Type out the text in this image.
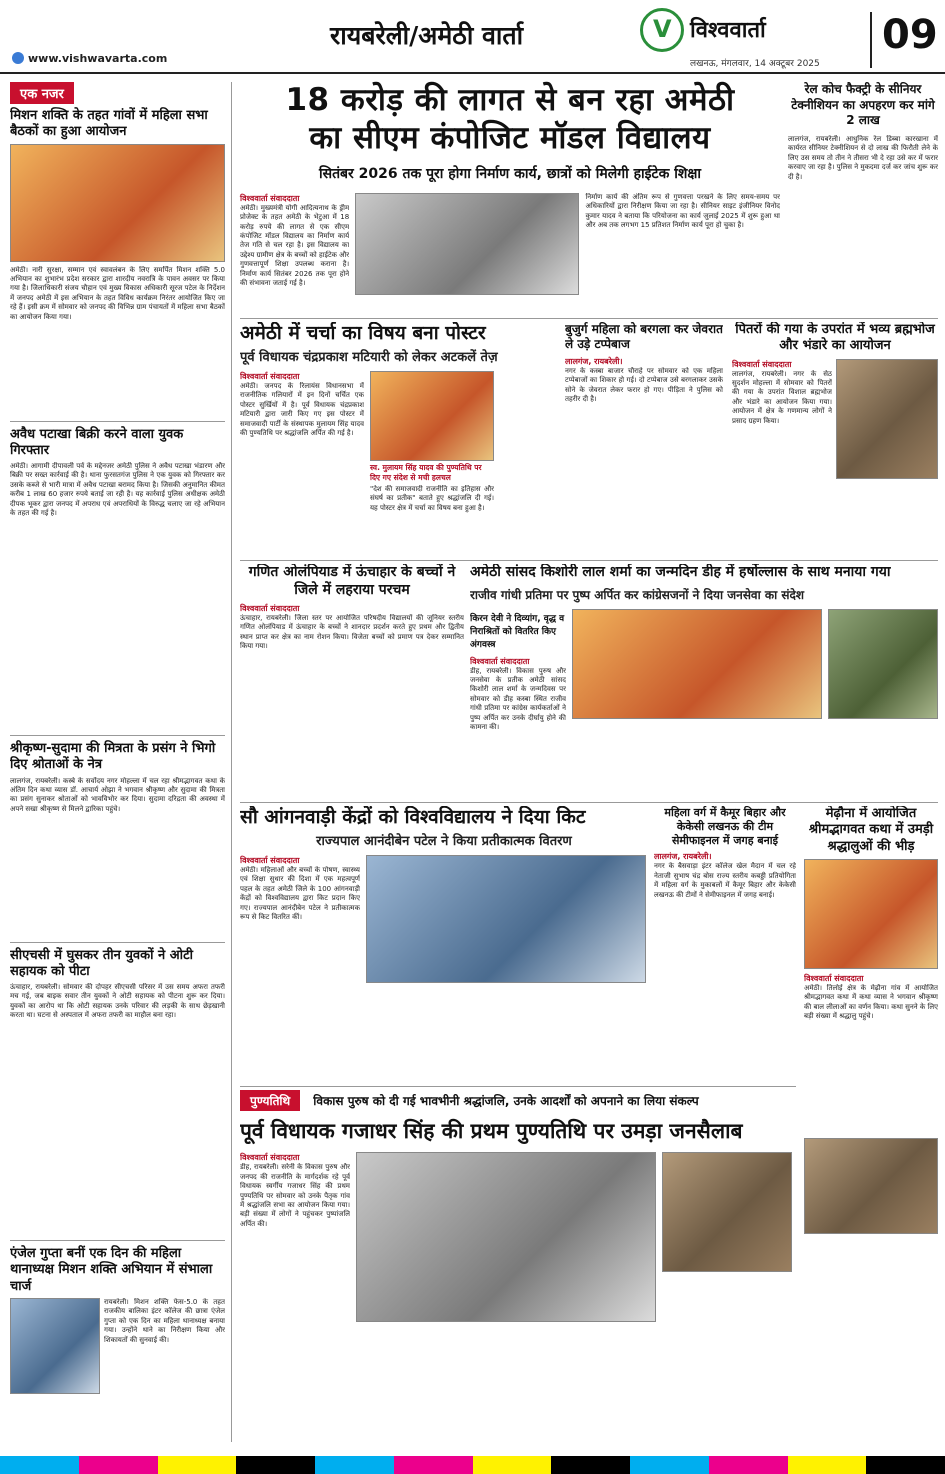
www.vishwavarta.com
रायबरेली/अमेठी वार्ता	V विश्ववार्ता
लखनऊ, मंगलवार, 14 अक्टूबर 2025
09
एक नजर
मिशन शक्ति के तहत गांवों में महिला सभा बैठकों का हुआ आयोजन
अमेठी। नारी सुरक्षा, सम्मान एवं स्वावलंबन के लिए समर्पित मिशन शक्ति 5.0 अभियान का शुभारंभ प्रदेश सरकार द्वारा शारदीय नवरात्रि के पावन अवसर पर किया गया है। जिलाधिकारी संजय चौहान एवं मुख्य विकास अधिकारी सूरज पटेल के निर्देशन में जनपद अमेठी में इस अभियान के तहत विविध कार्यक्रम निरंतर आयोजित किए जा रहे हैं। इसी क्रम में सोमवार को जनपद की विभिन्न ग्राम पंचायतों में महिला सभा बैठकों का आयोजन किया गया।
अवैध पटाखा बिक्री करने वाला युवक गिरफ्तार
अमेठी। आगामी दीपावली पर्व के मद्देनजर अमेठी पुलिस ने अवैध पटाखा भंडारण और बिक्री पर सख्त कार्रवाई की है। थाना फुरसतगंज पुलिस ने एक युवक को गिरफ्तार कर उसके कब्जे से भारी मात्रा में अवैध पटाखा बरामद किया है। जिसकी अनुमानित कीमत करीब 1 लाख 60 हजार रुपये बताई जा रही है। यह कार्रवाई पुलिस अधीक्षक अमेठी दीपक भूकर द्वारा जनपद में अपराध एवं अपराधियों के विरुद्ध चलाए जा रहे अभियान के तहत की गई है।
श्रीकृष्ण-सुदामा की मित्रता के प्रसंग ने भिगो दिए श्रोताओं के नेत्र
लालगंज, रायबरेली। कस्बे के सर्वोदय नगर मोहल्ला में चल रहा श्रीमद्भागवत कथा के अंतिम दिन कथा व्यास डॉ. आचार्य ओझा ने भगवान श्रीकृष्ण और सुदामा की मित्रता का प्रसंग सुनाकर श्रोताओं को भावविभोर कर दिया। सुदामा दरिद्रता की अवस्था में अपने सखा श्रीकृष्ण से मिलने द्वारिका पहुंचे।
सीएचसी में घुसकर तीन युवकों ने ओटी सहायक को पीटा
ऊंचाहार, रायबरेली। सोमवार की दोपहर सीएचसी परिसर में उस समय अफरा तफरी मच गई, जब बाइक सवार तीन युवकों ने ओटी सहायक को पीटना शुरू कर दिया। युवकों का आरोप था कि ओटी सहायक उनके परिवार की लड़की के साथ छेड़खानी करता था। घटना से अस्पताल में अफरा तफरी का माहौल बना रहा।
एंजेल गुप्ता बनीं एक दिन की महिला थानाध्यक्ष मिशन शक्ति अभियान में संभाला चार्ज
रायबरेली। मिशन शक्ति फेस-5.0 के तहत राजकीय बालिका इंटर कॉलेज की छात्रा एंजेल गुप्ता को एक दिन का महिला थानाध्यक्ष बनाया गया। उन्होंने थाने का निरीक्षण किया और शिकायतों की सुनवाई की।
18 करोड़ की लागत से बन रहा अमेठी
का सीएम कंपोजिट मॉडल विद्यालय
सितंबर 2026 तक पूरा होगा निर्माण कार्य, छात्रों को मिलेगी हाईटेक शिक्षा
विश्ववार्ता संवाददाता
अमेठी। मुख्यमंत्री योगी आदित्यनाथ के ड्रीम प्रोजेक्ट के तहत अमेठी के भेटुआ में 18 करोड़ रुपये की लागत से एक सीएम कंपोजिट मॉडल विद्यालय का निर्माण कार्य तेज गति से चल रहा है। इस विद्यालय का उद्देश्य ग्रामीण क्षेत्र के बच्चों को हाईटेक और गुणवत्तापूर्ण शिक्षा उपलब्ध कराना है। निर्माण कार्य सितंबर 2026 तक पूरा होने की संभावना जताई गई है।
निर्माण कार्य की अंतिम रूप से गुणवत्ता परखने के लिए समय-समय पर अधिकारियों द्वारा निरीक्षण किया जा रहा है। सीनियर साइट इंजीनियर विनोद कुमार यादव ने बताया कि परियोजना का कार्य जुलाई 2025 में शुरू हुआ था और अब तक लगभग 15 प्रतिशत निर्माण कार्य पूरा हो चुका है।
रेल कोच फैक्ट्री के सीनियर टेक्नीशियन का अपहरण कर मांगे 2 लाख
लालगंज, रायबरेली। आधुनिक रेल डिब्बा कारखाना में कार्यरत सीनियर टेक्नीशियन से दो लाख की फिरौती लेने के लिए उस समय तो तीन ने तीसरा भी दे रहा उसे कर में फरार करवाए जा रहा है। पुलिस ने मुकदमा दर्ज कर जांच शुरू कर दी है।
अमेठी में चर्चा का विषय बना पोस्टर
पूर्व विधायक चंद्रप्रकाश मटियारी को लेकर अटकलें तेज़
विश्ववार्ता संवाददाता
अमेठी। जनपद के रिलायंस विधानसभा में राजनीतिक गलियारों में इन दिनों चर्चित एक पोस्टर सुर्खियों में है। पूर्व विधायक चंद्रप्रकाश मटियारी द्वारा जारी किए गए इस पोस्टर में समाजवादी पार्टी के संस्थापक मुलायम सिंह यादव की पुण्यतिथि पर श्रद्धांजलि अर्पित की गई है।
स्व. मुलायम सिंह यादव की पुण्यतिथि पर दिए गए संदेश से मची हलचल
"देश की समाजवादी राजनीति का इतिहास और संघर्ष का प्रतीक" बताते हुए श्रद्धांजलि दी गई। यह पोस्टर क्षेत्र में चर्चा का विषय बना हुआ है।
बुजुर्ग महिला को बरगला कर जेवरात ले उड़े टप्पेबाज
लालगंज, रायबरेली।
नगर के कस्बा बाजार चौराहे पर सोमवार को एक महिला टप्पेबाजों का शिकार हो गई। दो टप्पेबाज उसे बरगलाकर उसके सोने के जेवरात लेकर फरार हो गए। पीड़िता ने पुलिस को तहरीर दी है।
पितरों की गया के उपरांत में भव्य ब्रह्मभोज और भंडारे का आयोजन
विश्ववार्ता संवाददाता
लालगंज, रायबरेली। नगर के सेठ सुदर्शन मोहल्ला में सोमवार को पितरों की गया के उपरांत विशाल ब्रह्मभोज और भंडारे का आयोजन किया गया। आयोजन में क्षेत्र के गणमान्य लोगों ने प्रसाद ग्रहण किया।
गणित ओलंपियाड में ऊंचाहार के बच्चों ने जिले में लहराया परचम
विश्ववार्ता संवाददाता
ऊंचाहार, रायबरेली। जिला स्तर पर आयोजित परिषदीय विद्यालयों की जूनियर स्तरीय गणित ओलंपियाड में ऊंचाहार के बच्चों ने शानदार प्रदर्शन करते हुए प्रथम और द्वितीय स्थान प्राप्त कर क्षेत्र का नाम रोशन किया। विजेता बच्चों को प्रमाण पत्र देकर सम्मानित किया गया।
अमेठी सांसद किशोरी लाल शर्मा का जन्मदिन डीह में हर्षोल्लास के साथ मनाया गया
राजीव गांधी प्रतिमा पर पुष्प अर्पित कर कांग्रेसजनों ने दिया जनसेवा का संदेश
किरन देवी ने दिव्यांग, वृद्ध व निराश्रितों को वितरित किए अंगवस्त्र
विश्ववार्ता संवाददाता
डीह, रायबरेली। विकास पुरुष और जनसेवा के प्रतीक अमेठी सांसद किशोरी लाल शर्मा के जन्मदिवस पर सोमवार को डीह कस्बा स्थित राजीव गांधी प्रतिमा पर कांग्रेस कार्यकर्ताओं ने पुष्प अर्पित कर उनके दीर्घायु होने की कामना की।
सौ आंगनवाड़ी केंद्रों को विश्वविद्यालय ने दिया किट
राज्यपाल आनंदीबेन पटेल ने किया प्रतीकात्मक वितरण
विश्ववार्ता संवाददाता
अमेठी। महिलाओं और बच्चों के पोषण, स्वास्थ्य एवं शिक्षा सुधार की दिशा में एक महत्वपूर्ण पहल के तहत अमेठी जिले के 100 आंगनवाड़ी केंद्रों को विश्वविद्यालय द्वारा किट प्रदान किए गए। राज्यपाल आनंदीबेन पटेल ने प्रतीकात्मक रूप से किट वितरित कीं।
महिला वर्ग में कैमूर बिहार और केकेसी लखनऊ की टीम सेमीफाइनल में जगह बनाई
लालगंज, रायबरेली।
नगर के बैसवाड़ा इंटर कॉलेज खेल मैदान में चल रहे नेताजी सुभाष चंद्र बोस राज्य स्तरीय कबड्डी प्रतियोगिता में महिला वर्ग के मुकाबलों में कैमूर बिहार और केकेसी लखनऊ की टीमों ने सेमीफाइनल में जगह बनाई।
मेढ़ौना में आयोजित श्रीमद्भागवत कथा में उमड़ी श्रद्धालुओं की भीड़
विश्ववार्ता संवाददाता
अमेठी। तिलोई क्षेत्र के मेढ़ौना गांव में आयोजित श्रीमद्भागवत कथा में कथा व्यास ने भगवान श्रीकृष्ण की बाल लीलाओं का वर्णन किया। कथा सुनने के लिए बड़ी संख्या में श्रद्धालु पहुंचे।
पुण्यतिथि विकास पुरुष को दी गई भावभीनी श्रद्धांजलि, उनके आदर्शों को अपनाने का लिया संकल्प
पूर्व विधायक गजाधर सिंह की प्रथम पुण्यतिथि पर उमड़ा जनसैलाब
विश्ववार्ता संवाददाता
डीह, रायबरेली। सरेनी के विकास पुरुष और जनपद की राजनीति के मार्गदर्शक रहे पूर्व विधायक स्वर्गीय गजाधर सिंह की प्रथम पुण्यतिथि पर सोमवार को उनके पैतृक गांव में श्रद्धांजलि सभा का आयोजन किया गया। बड़ी संख्या में लोगों ने पहुंचकर पुष्पांजलि अर्पित की।
